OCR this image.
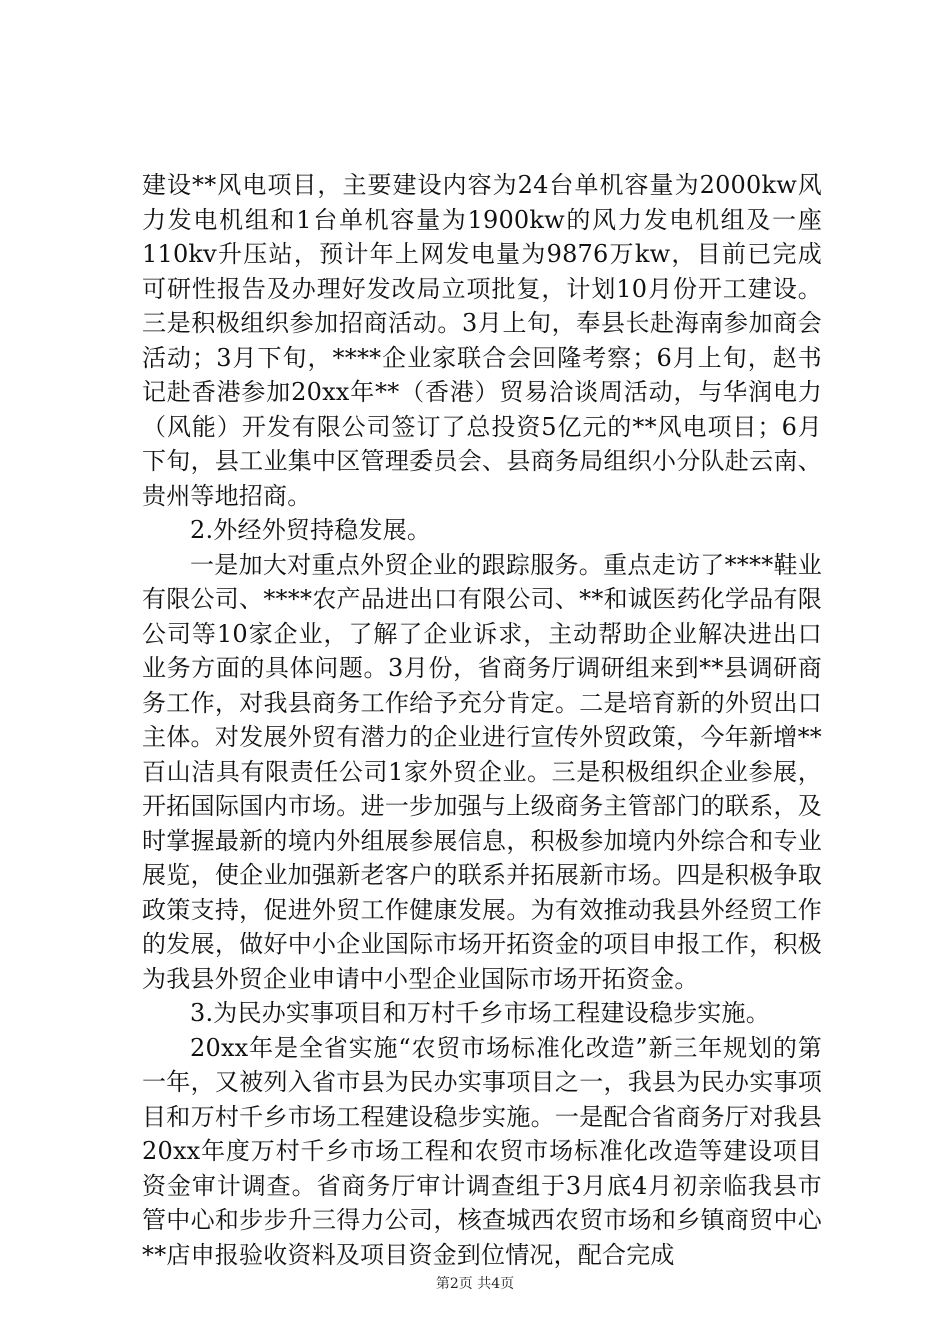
建设**风电项目，主要建设内容为24台单机容量为2000kw风力发电机组和1台单机容量为1900kw的风力发电机组及一座110kv升压站，预计年上网发电量为9876万kw，目前已完成可研性报告及办理好发改局立项批复，计划10月份开工建设。三是积极组织参加招商活动。3月上旬，奉县长赴海南参加商会活动；3月下旬，****企业家联合会回隆考察；6月上旬，赵书记赴香港参加20xx年**（香港）贸易洽谈周活动，与华润电力（风能）开发有限公司签订了总投资5亿元的**风电项目；6月下旬，县工业集中区管理委员会、县商务局组织小分队赴云南、贵州等地招商。

2.外经外贸持稳发展。

一是加大对重点外贸企业的跟踪服务。重点走访了****鞋业有限公司、****农产品进出口有限公司、**和诚医药化学品有限公司等10家企业，了解了企业诉求，主动帮助企业解决进出口业务方面的具体问题。3月份，省商务厅调研组来到**县调研商务工作，对我县商务工作给予充分肯定。二是培育新的外贸出口主体。对发展外贸有潜力的企业进行宣传外贸政策，今年新增**百山洁具有限责任公司1家外贸企业。三是积极组织企业参展，开拓国际国内市场。进一步加强与上级商务主管部门的联系，及时掌握最新的境内外组展参展信息，积极参加境内外综合和专业展览，使企业加强新老客户的联系并拓展新市场。四是积极争取政策支持，促进外贸工作健康发展。为有效推动我县外经贸工作的发展，做好中小企业国际市场开拓资金的项目申报工作，积极为我县外贸企业申请中小型企业国际市场开拓资金。

3.为民办实事项目和万村千乡市场工程建设稳步实施。

20xx年是全省实施“农贸市场标准化改造”新三年规划的第一年，又被列入省市县为民办实事项目之一，我县为民办实事项目和万村千乡市场工程建设稳步实施。一是配合省商务厅对我县20xx年度万村千乡市场工程和农贸市场标准化改造等建设项目资金审计调查。省商务厅审计调查组于3月底4月初亲临我县市管中心和步步升三得力公司，核查城西农贸市场和乡镇商贸中心**店申报验收资料及项目资金到位情况，配合完成

第2页 共4页
